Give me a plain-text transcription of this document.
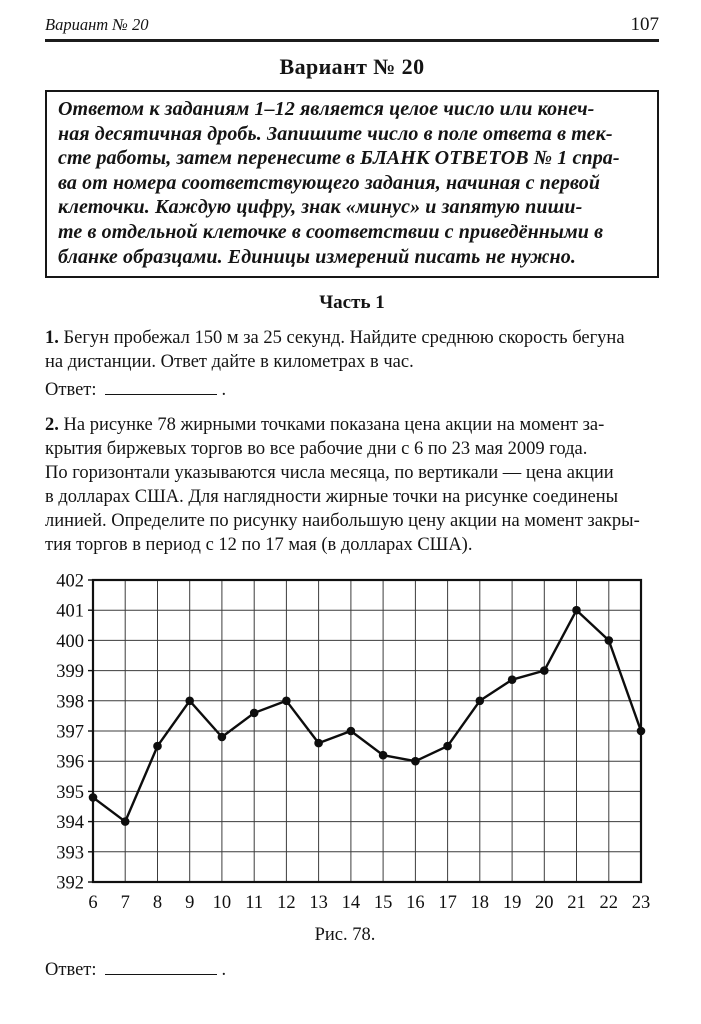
Вариант № 20	107
Вариант № 20

Ответом к заданиям 1–12 является целое число или конеч-
ная десятичная дробь. Запишите число в поле ответа в тек-
сте работы, затем перенесите в БЛАНК ОТВЕТОВ № 1 спра-
ва от номера соответствующего задания, начиная с первой
клеточки. Каждую цифру, знак «минус» и запятую пиши-
те в отдельной клеточке в соответствии с приведёнными в
бланке образцами. Единицы измерений писать не нужно.

Часть 1

1. Бегун пробежал 150 м за 25 секунд. Найдите среднюю скорость бегуна
на дистанции. Ответ дайте в километрах в час.

Ответ:	.

2. На рисунке 78 жирными точками показана цена акции на момент за-
крытия биржевых торгов во все рабочие дни с 6 по 23 мая 2009 года.
По горизонтали указываются числа месяца, по вертикали — цена акции
в долларах США. Для наглядности жирные точки на рисунке соединены
линией. Определите по рисунку наибольшую цену акции на момент закры-
тия торгов в период с 12 по 17 мая (в долларах США).

392
393
394
395
396
397
398
399
400
401
402
6 7 8 9 10 11 12 13 14 15 16 17 18 19 20 21 22 23
Рис. 78.

Ответ:	.
